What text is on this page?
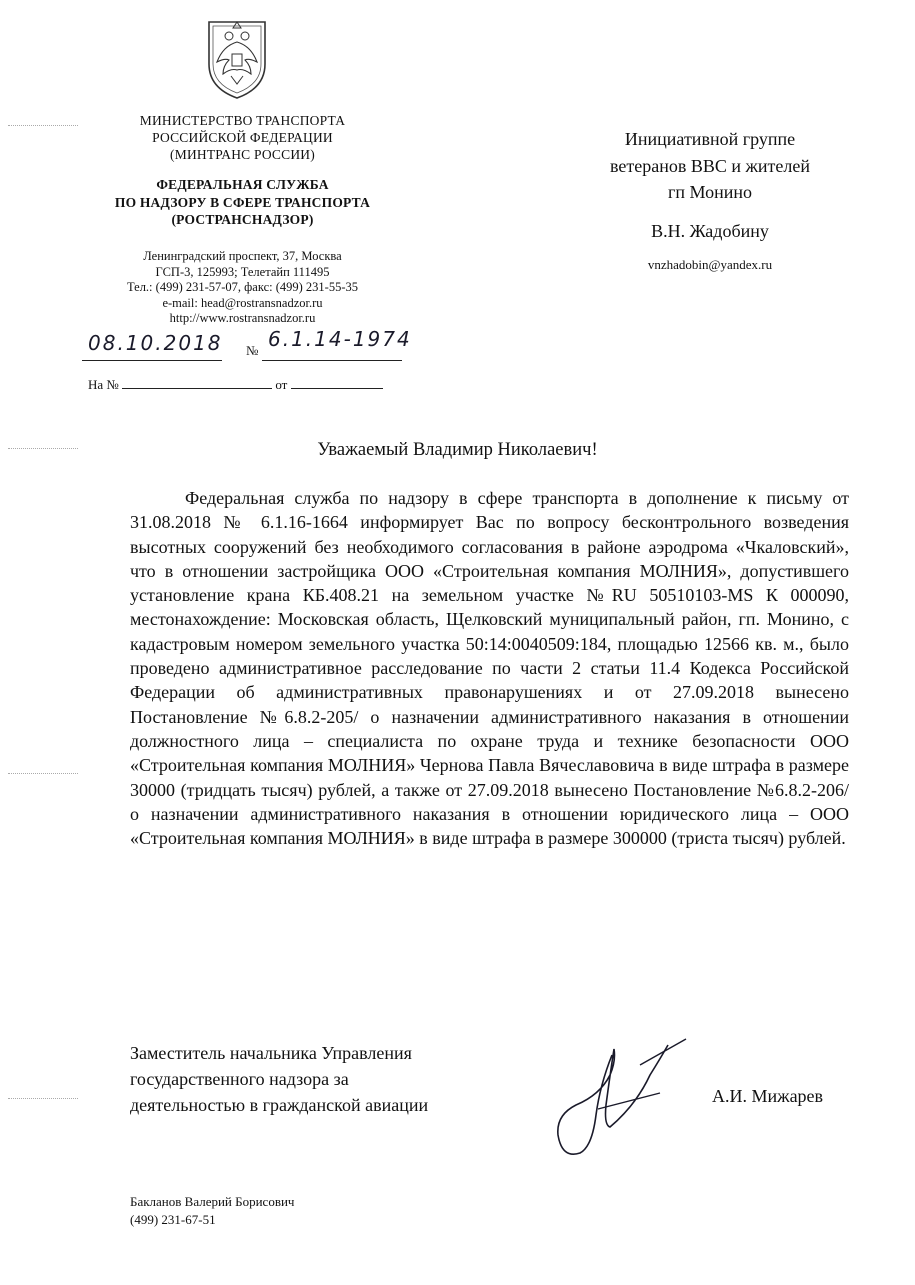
МИНИСТЕРСТВО ТРАНСПОРТА
РОССИЙСКОЙ ФЕДЕРАЦИИ
(МИНТРАНС РОССИИ)
ФЕДЕРАЛЬНАЯ СЛУЖБА
ПО НАДЗОРУ В СФЕРЕ ТРАНСПОРТА
(РОСТРАНСНАДЗОР)
Ленинградский проспект, 37, Москва
ГСП-3, 125993; Телетайп 111495
Тел.: (499) 231-57-07, факс: (499) 231-55-35
e-mail: head@rostransnadzor.ru
http://www.rostransnadzor.ru
08.10.2018 № 6.1.14-1974
На №	от
Инициативной группе
ветеранов ВВС и жителей
гп Монино
В.Н. Жадобину
vnzhadobin@yandex.ru
Уважаемый Владимир Николаевич!
Федеральная служба по надзору в сфере транспорта в дополнение к письму от 31.08.2018 № 6.1.16-1664 информирует Вас по вопросу бесконтрольного возведения высотных сооружений без необходимого согласования в районе аэродрома «Чкаловский», что в отношении застройщика ООО «Строительная компания МОЛНИЯ», допустившего установление крана КБ.408.21 на земельном участке №RU 50510103-MS К 000090, местонахождение: Московская область, Щелковский муниципальный район, гп. Монино, с кадастровым номером земельного участка 50:14:0040509:184, площадью 12566 кв. м., было проведено административное расследование по части 2 статьи 11.4 Кодекса Российской Федерации об административных правонарушениях и от 27.09.2018 вынесено Постановление №6.8.2-205/ о назначении административного наказания в отношении должностного лица – специалиста по охране труда и технике безопасности ООО «Строительная компания МОЛНИЯ» Чернова Павла Вячеславовича в виде штрафа в размере 30000 (тридцать тысяч) рублей, а также от 27.09.2018 вынесено Постановление №6.8.2-206/ о назначении административного наказания в отношении юридического лица – ООО «Строительная компания МОЛНИЯ» в виде штрафа в размере 300000 (триста тысяч) рублей.
Заместитель начальника Управления
государственного надзора за
деятельностью в гражданской авиации	А.И. Мижарев
Бакланов Валерий Борисович
(499) 231-67-51
